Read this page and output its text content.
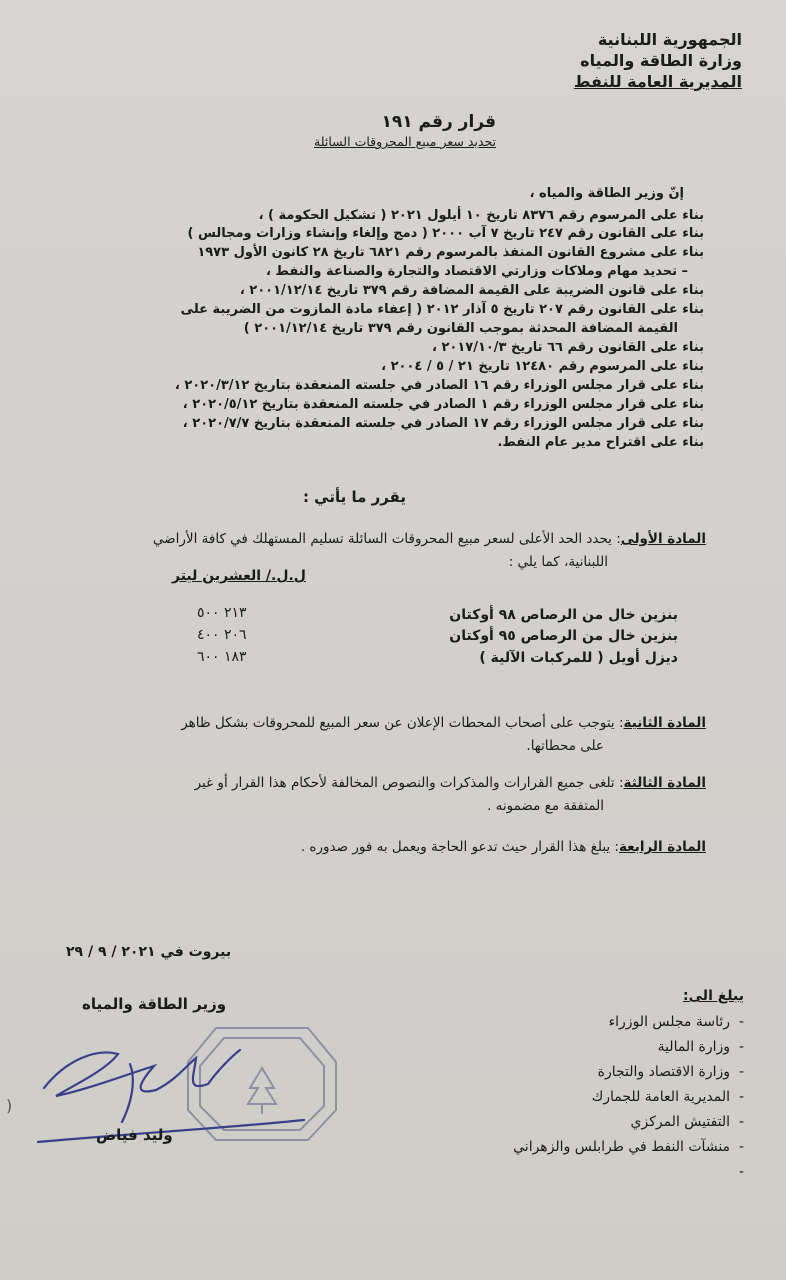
الجمهورية اللبنانية
وزارة الطاقة والمياه
المديرية العامة للنفط
قرار رقم ١٩١
تحديد سعر مبيع المحروقات السائلة
إنّ وزير الطاقة والمياه ،
بناء على المرسوم رقم ٨٣٧٦ تاريخ ١٠ أيلول ٢٠٢١ ( تشكيل الحكومة ) ،
بناء على القانون رقم ٢٤٧ تاريخ ٧ آب ٢٠٠٠ ( دمج وإلغاء وإنشاء وزارات ومجالس )
بناء على مشروع القانون المنفذ بالمرسوم رقم ٦٨٢١ تاريخ ٢٨ كانون الأول ١٩٧٣
– تحديد مهام وملاكات وزارتي الاقتصاد والتجارة والصناعة والنفط ،
بناء على قانون الضريبة على القيمة المضافة رقم ٣٧٩ تاريخ ٢٠٠١/١٢/١٤ ،
بناء على القانون رقم ٢٠٧ تاريخ ٥ آذار ٢٠١٢ ( إعفاء مادة المازوت من الضريبة على
القيمة المضافة المحدثة بموجب القانون رقم ٣٧٩ تاريخ ٢٠٠١/١٢/١٤ )
بناء على القانون رقم ٦٦ تاريخ ٢٠١٧/١٠/٣ ،
بناء على المرسوم رقم ١٢٤٨٠ تاريخ ٢١ / ٥ / ٢٠٠٤ ،
بناء على قرار مجلس الوزراء رقم ١٦ الصادر في جلسته المنعقدة بتاريخ ٢٠٢٠/٣/١٢ ،
بناء على قرار مجلس الوزراء رقم ١ الصادر في جلسته المنعقدة بتاريخ ٢٠٢٠/٥/١٢ ،
بناء على قرار مجلس الوزراء رقم ١٧ الصادر في جلسته المنعقدة بتاريخ ٢٠٢٠/٧/٧ ،
بناء على اقتراح مدير عام النفط.
يقرر ما يأتي :
المادة الأولى: يحدد الحد الأعلى لسعر مبيع المحروقات السائلة تسليم المستهلك في كافة الأراضي
اللبنانية، كما يلي :
ل.ل./ العشرين ليتر
بنزين خال من الرصاص ٩٨ أوكتان
بنزين خال من الرصاص ٩٥ أوكتان
ديزل أويل ( للمركبات الآلية )
٢١٣ ٥٠٠
٢٠٦ ٤٠٠
١٨٣ ٦٠٠
المادة الثانية: يتوجب على أصحاب المحطات الإعلان عن سعر المبيع للمحروقات بشكل ظاهر
على محطاتها.
المادة الثالثة: تلغى جميع القرارات والمذكرات والنصوص المخالفة لأحكام هذا القرار أو غير
المتفقة مع مضمونه .
المادة الرابعة: يبلغ هذا القرار حيث تدعو الحاجة ويعمل به فور صدوره .
بيروت في ٢٠٢١ / ٩ / ٢٩
وزير الطاقة والمياه
وليد فياض
يبلغ الى:
-  رئاسة مجلس الوزراء
-  وزارة المالية
-  وزارة الاقتصاد والتجارة
-  المديرية العامة للجمارك
-  التفتيش المركزي
-  منشآت النفط في طرابلس والزهراني
-
(
